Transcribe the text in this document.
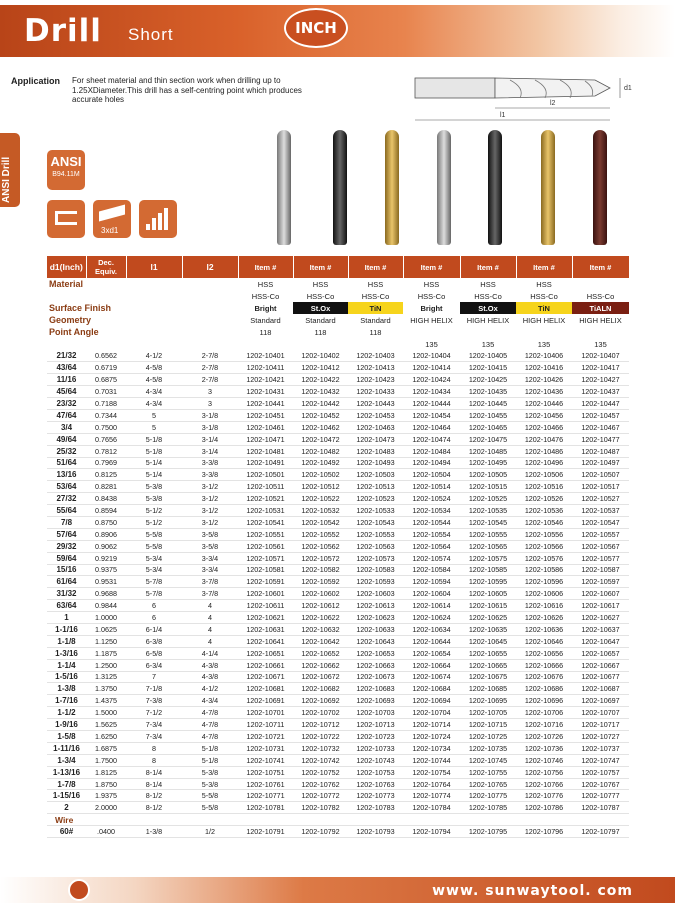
Drill Short	INCH
Application For sheet material and thin section work when drilling up to 1.25XDiameter.This drill has a self-centring point which produces accurate holes	l2
l1
d1
ANSI Drill	ANSI
B94.11M
3xd1
Material				HSS	HSS	HSS	HSS	HSS	HSS	
				HSS-Co	HSS-Co	HSS-Co	HSS-Co	HSS-Co	HSS-Co	HSS-Co
Surface Finish				Bright	St.Ox	TiN	Bright	St.Ox	TiN	TiALN
Geometry				Standard	Standard	Standard	HIGH HELIX	HIGH HELIX	HIGH HELIX	HIGH HELIX
Point Angle				118	118	118				
							135	135	135	135
d1(Inch)	Dec. Equiv.	l1	l2	Item #	Item #	Item #	Item #	Item #	Item #	Item #
21/32	0.6562	4-1/2	2-7/8	1202-10401	1202-10402	1202-10403	1202-10404	1202-10405	1202-10406	1202-10407
43/64	0.6719	4-5/8	2-7/8	1202-10411	1202-10412	1202-10413	1202-10414	1202-10415	1202-10416	1202-10417
11/16	0.6875	4-5/8	2-7/8	1202-10421	1202-10422	1202-10423	1202-10424	1202-10425	1202-10426	1202-10427
45/64	0.7031	4-3/4	3	1202-10431	1202-10432	1202-10433	1202-10434	1202-10435	1202-10436	1202-10437
23/32	0.7188	4-3/4	3	1202-10441	1202-10442	1202-10443	1202-10444	1202-10445	1202-10446	1202-10447
47/64	0.7344	5	3-1/8	1202-10451	1202-10452	1202-10453	1202-10454	1202-10455	1202-10456	1202-10457
3/4	0.7500	5	3-1/8	1202-10461	1202-10462	1202-10463	1202-10464	1202-10465	1202-10466	1202-10467
49/64	0.7656	5-1/8	3-1/4	1202-10471	1202-10472	1202-10473	1202-10474	1202-10475	1202-10476	1202-10477
25/32	0.7812	5-1/8	3-1/4	1202-10481	1202-10482	1202-10483	1202-10484	1202-10485	1202-10486	1202-10487
51/64	0.7969	5-1/4	3-3/8	1202-10491	1202-10492	1202-10493	1202-10494	1202-10495	1202-10496	1202-10497
13/16	0.8125	5-1/4	3-3/8	1202-10501	1202-10502	1202-10503	1202-10504	1202-10505	1202-10506	1202-10507
53/64	0.8281	5-3/8	3-1/2	1202-10511	1202-10512	1202-10513	1202-10514	1202-10515	1202-10516	1202-10517
27/32	0.8438	5-3/8	3-1/2	1202-10521	1202-10522	1202-10523	1202-10524	1202-10525	1202-10526	1202-10527
55/64	0.8594	5-1/2	3-1/2	1202-10531	1202-10532	1202-10533	1202-10534	1202-10535	1202-10536	1202-10537
7/8	0.8750	5-1/2	3-1/2	1202-10541	1202-10542	1202-10543	1202-10544	1202-10545	1202-10546	1202-10547
57/64	0.8906	5-5/8	3-5/8	1202-10551	1202-10552	1202-10553	1202-10554	1202-10555	1202-10556	1202-10557
29/32	0.9062	5-5/8	3-5/8	1202-10561	1202-10562	1202-10563	1202-10564	1202-10565	1202-10566	1202-10567
59/64	0.9219	5-3/4	3-3/4	1202-10571	1202-10572	1202-10573	1202-10574	1202-10575	1202-10576	1202-10577
15/16	0.9375	5-3/4	3-3/4	1202-10581	1202-10582	1202-10583	1202-10584	1202-10585	1202-10586	1202-10587
61/64	0.9531	5-7/8	3-7/8	1202-10591	1202-10592	1202-10593	1202-10594	1202-10595	1202-10596	1202-10597
31/32	0.9688	5-7/8	3-7/8	1202-10601	1202-10602	1202-10603	1202-10604	1202-10605	1202-10606	1202-10607
63/64	0.9844	6	4	1202-10611	1202-10612	1202-10613	1202-10614	1202-10615	1202-10616	1202-10617
1	1.0000	6	4	1202-10621	1202-10622	1202-10623	1202-10624	1202-10625	1202-10626	1202-10627
1-1/16	1.0625	6-1/4	4	1202-10631	1202-10632	1202-10633	1202-10634	1202-10635	1202-10636	1202-10637
1-1/8	1.1250	6-3/8	4	1202-10641	1202-10642	1202-10643	1202-10644	1202-10645	1202-10646	1202-10647
1-3/16	1.1875	6-5/8	4-1/4	1202-10651	1202-10652	1202-10653	1202-10654	1202-10655	1202-10656	1202-10657
1-1/4	1.2500	6-3/4	4-3/8	1202-10661	1202-10662	1202-10663	1202-10664	1202-10665	1202-10666	1202-10667
1-5/16	1.3125	7	4-3/8	1202-10671	1202-10672	1202-10673	1202-10674	1202-10675	1202-10676	1202-10677
1-3/8	1.3750	7-1/8	4-1/2	1202-10681	1202-10682	1202-10683	1202-10684	1202-10685	1202-10686	1202-10687
1-7/16	1.4375	7-3/8	4-3/4	1202-10691	1202-10692	1202-10693	1202-10694	1202-10695	1202-10696	1202-10697
1-1/2	1.5000	7-1/2	4-7/8	1202-10701	1202-10702	1202-10703	1202-10704	1202-10705	1202-10706	1202-10707
1-9/16	1.5625	7-3/4	4-7/8	1202-10711	1202-10712	1202-10713	1202-10714	1202-10715	1202-10716	1202-10717
1-5/8	1.6250	7-3/4	4-7/8	1202-10721	1202-10722	1202-10723	1202-10724	1202-10725	1202-10726	1202-10727
1-11/16	1.6875	8	5-1/8	1202-10731	1202-10732	1202-10733	1202-10734	1202-10735	1202-10736	1202-10737
1-3/4	1.7500	8	5-1/8	1202-10741	1202-10742	1202-10743	1202-10744	1202-10745	1202-10746	1202-10747
1-13/16	1.8125	8-1/4	5-3/8	1202-10751	1202-10752	1202-10753	1202-10754	1202-10755	1202-10756	1202-10757
1-7/8	1.8750	8-1/4	5-3/8	1202-10761	1202-10762	1202-10763	1202-10764	1202-10765	1202-10766	1202-10767
1-15/16	1.9375	8-1/2	5-5/8	1202-10771	1202-10772	1202-10773	1202-10774	1202-10775	1202-10776	1202-10777
2	2.0000	8-1/2	5-5/8	1202-10781	1202-10782	1202-10783	1202-10784	1202-10785	1202-10786	1202-10787
Wire										
60#	.0400	1-3/8	1/2	1202-10791	1202-10792	1202-10793	1202-10794	1202-10795	1202-10796	1202-10797
www. sunwaytool. com
